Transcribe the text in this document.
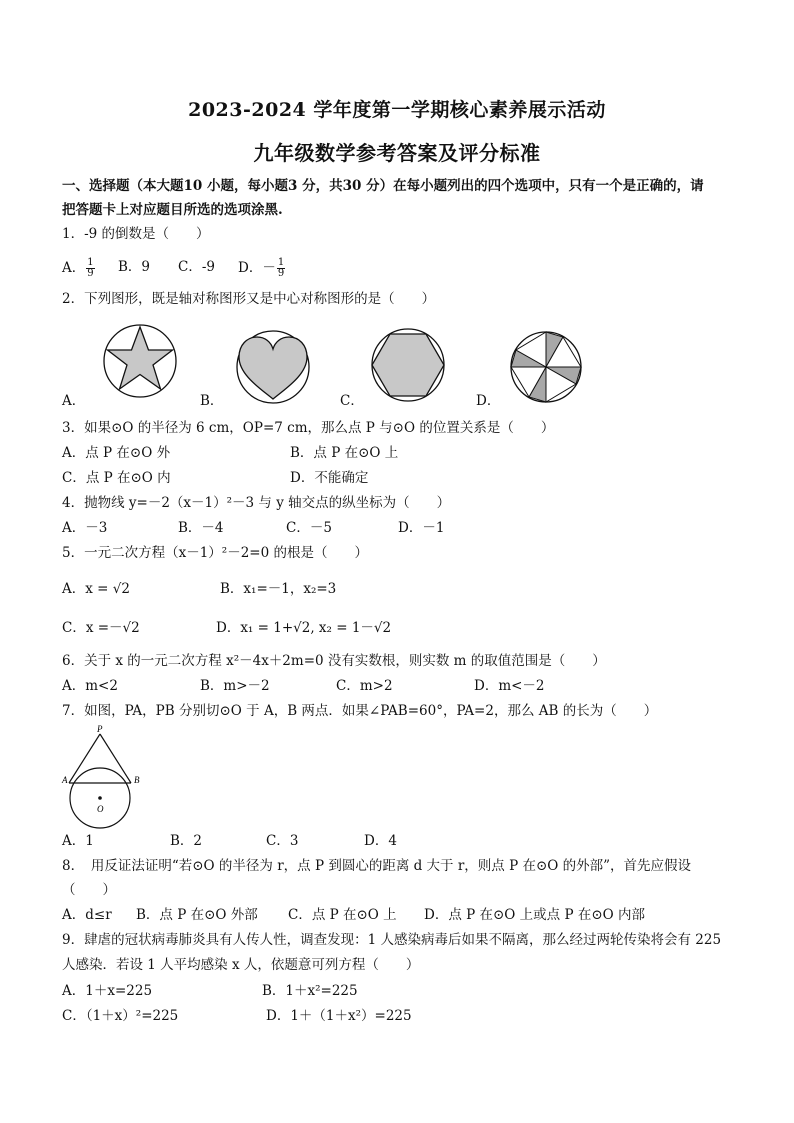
2023-2024 学年度第一学期核心素养展示活动
九年级数学参考答案及评分标准
一、选择题（本大题10 小题，每小题3 分，共30 分）在每小题列出的四个选项中，只有一个是正确的，请
把答题卡上对应题目所选的选项涂黑.
1．-9 的倒数是（　　）
A． $\frac{1}{9}$ B．9 C．-9 D．－ $\frac{1}{9}$
2．下列图形，既是轴对称图形又是中心对称图形的是（　　）
A．	B．	C．	D．
3．如果⊙O 的半径为 6 cm，OP=7 cm，那么点 P 与⊙O 的位置关系是（　　）
A．点 P 在⊙O 外	B．点 P 在⊙O 上
C．点 P 在⊙O 内	D．不能确定
4．抛物线 y=－2（x－1）²－3 与 y 轴交点的纵坐标为（　　）
A．－3	B．－4	C．－5	D．－1
5．一元二次方程（x－1）²－2=0 的根是（　　）
A．x = √2	B．x₁=－1，x₂=3
C．x =－√2	D．x₁ = 1+√2, x₂ = 1－√2
6．关于 x 的一元二次方程 x²－4x＋2m=0 没有实数根，则实数 m 的取值范围是（　　）
A．m<2	B．m>－2	C．m>2	D．m<－2
7．如图，PA，PB 分别切⊙O 于 A，B 两点．如果∠PAB=60°，PA=2，那么 AB 的长为（　　）
P
A	B
O
A．1	B．2	C．3	D．4
8．　用反证法证明“若⊙O 的半径为 r，点 P 到圆心的距离 d 大于 r，则点 P 在⊙O 的外部”，首先应假设
（　　）
A．d≤r B．点 P 在⊙O 外部 C．点 P 在⊙O 上 D．点 P 在⊙O 上或点 P 在⊙O 内部
9．肆虐的冠状病毒肺炎具有人传人性，调查发现：1 人感染病毒后如果不隔离，那么经过两轮传染将会有 225
人感染．若设 1 人平均感染 x 人，依题意可列方程（　　）
A．1＋x=225	B．1＋x²=225
C．（1＋x）²=225	D．1＋（1＋x²）=225
